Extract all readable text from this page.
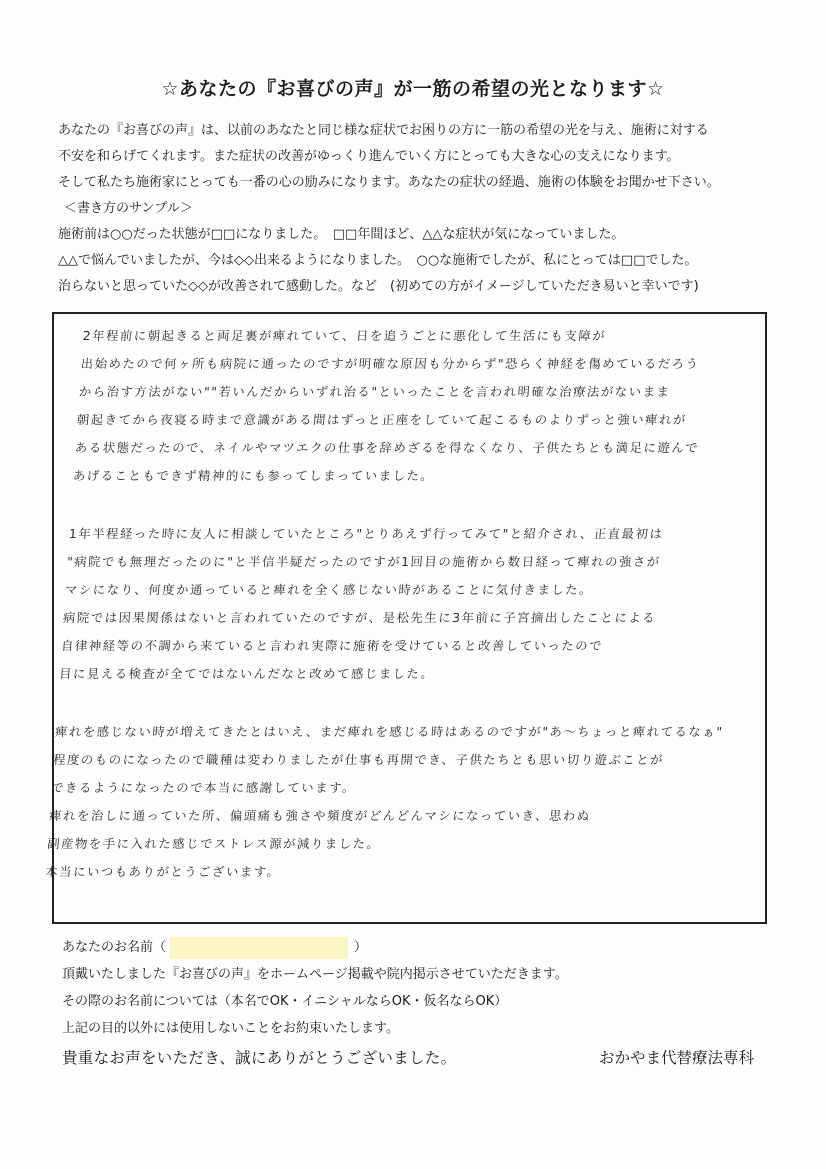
☆あなたの『お喜びの声』が一筋の希望の光となります☆
あなたの『お喜びの声』は、以前のあなたと同じ様な症状でお困りの方に一筋の希望の光を与え、施術に対する
不安を和らげてくれます。また症状の改善がゆっくり進んでいく方にとっても大きな心の支えになります。
そして私たち施術家にとっても一番の心の励みになります。あなたの症状の経過、施術の体験をお聞かせ下さい。
＜書き方のサンプル＞
施術前は○○だった状態が□□になりました。　□□年間ほど、△△な症状が気になっていました。
△△で悩んでいましたが、今は◇◇出来るようになりました。　○○な施術でしたが、私にとっては□□でした。
治らないと思っていた◇◇が改善されて感動した。など　(初めての方がイメージしていただき易いと幸いです)
2年程前に朝起きると両足裏が痺れていて、日を追うごとに悪化して生活にも支障が
出始めたので何ヶ所も病院に通ったのですが明確な原因も分からず"恐らく神経を傷めているだろう
から治す方法がない""若いんだからいずれ治る"といったことを言われ明確な治療法がないまま
朝起きてから夜寝る時まで意識がある間はずっと正座をしていて起こるものよりずっと強い痺れが
ある状態だったので、ネイルやマツエクの仕事を辞めざるを得なくなり、子供たちとも満足に遊んで
あげることもできず精神的にも参ってしまっていました。
1年半程経った時に友人に相談していたところ"とりあえず行ってみて"と紹介され、正直最初は
"病院でも無理だったのに"と半信半疑だったのですが1回目の施術から数日経って痺れの強さが
マシになり、何度か通っていると痺れを全く感じない時があることに気付きました。
病院では因果関係はないと言われていたのですが、是松先生に3年前に子宮摘出したことによる
自律神経等の不調から来ていると言われ実際に施術を受けていると改善していったので
目に見える検査が全てではないんだなと改めて感じました。
痺れを感じない時が増えてきたとはいえ、まだ痺れを感じる時はあるのですが"あ〜ちょっと痺れてるなぁ"
程度のものになったので職種は変わりましたが仕事も再開でき、子供たちとも思い切り遊ぶことが
できるようになったので本当に感謝しています。
痺れを治しに通っていた所、偏頭痛も強さや頻度がどんどんマシになっていき、思わぬ
副産物を手に入れた感じでストレス源が減りました。
本当にいつもありがとうございます。
あなたのお名前（	）
頂戴いたしました『お喜びの声』をホームページ掲載や院内掲示させていただきます。
その際のお名前については（本名でOK・イニシャルならOK・仮名ならOK）
上記の目的以外には使用しないことをお約束いたします。
貴重なお声をいただき、誠にありがとうございました。	おかやま代替療法専科
